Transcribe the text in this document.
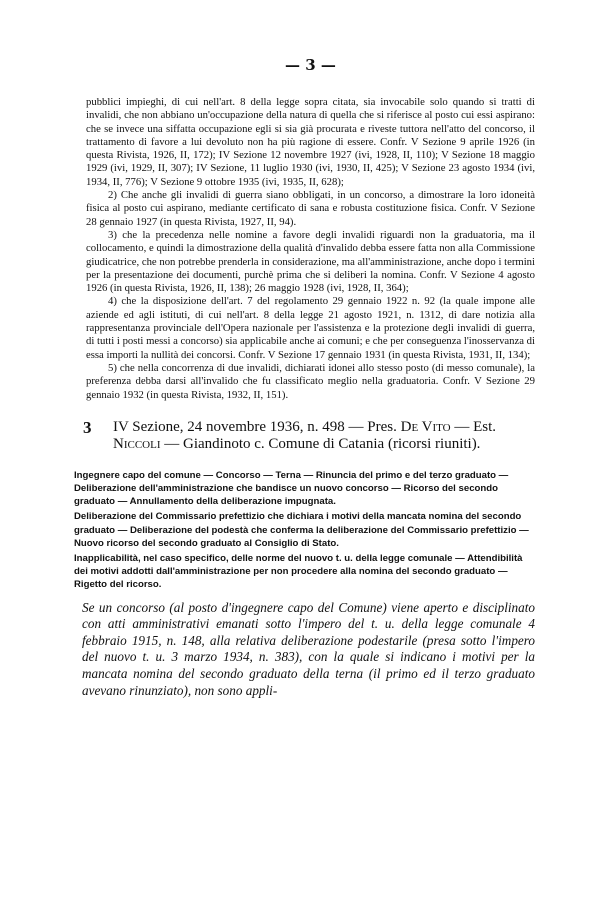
— 3 —

pubblici impieghi, di cui nell'art. 8 della legge sopra citata, sia invocabile solo quando si tratti di invalidi, che non abbiano un'occupazione della natura di quella che si riferisce al posto cui essi aspirano: che se invece una siffatta occupazione egli si sia già procurata e riveste tuttora nell'atto del concorso, il trattamento di favore a lui devoluto non ha più ragione di essere. Confr. V Sezione 9 aprile 1926 (in questa Rivista, 1926, II, 172); IV Sezione 12 novembre 1927 (ivi, 1928, II, 110); V Sezione 18 maggio 1929 (ivi, 1929, II, 307); IV Sezione, 11 luglio 1930 (ivi, 1930, II, 425); V Sezione 23 agosto 1934 (ivi, 1934, II, 776); V Sezione 9 ottobre 1935 (ivi, 1935, II, 628);

2) Che anche gli invalidi di guerra siano obbligati, in un concorso, a dimostrare la loro idoneità fisica al posto cui aspirano, mediante certificato di sana e robusta costituzione fisica. Confr. V Sezione 28 gennaio 1927 (in questa Rivista, 1927, II, 94).

3) che la precedenza nelle nomine a favore degli invalidi riguardi non la graduatoria, ma il collocamento, e quindi la dimostrazione della qualità d'invalido debba essere fatta non alla Commissione giudicatrice, che non potrebbe prenderla in considerazione, ma all'amministrazione, anche dopo i termini per la presentazione dei documenti, purchè prima che si deliberi la nomina. Confr. V Sezione 4 agosto 1926 (in questa Rivista, 1926, II, 138); 26 maggio 1928 (ivi, 1928, II, 364);

4) che la disposizione dell'art. 7 del regolamento 29 gennaio 1922 n. 92 (la quale impone alle aziende ed agli istituti, di cui nell'art. 8 della legge 21 agosto 1921, n. 1312, di dare notizia alla rappresentanza provinciale dell'Opera nazionale per l'assistenza e la protezione degli invalidi di guerra, di tutti i posti messi a concorso) sia applicabile anche ai comuni; e che per conseguenza l'inosservanza di essa importi la nullità dei concorsi. Confr. V Sezione 17 gennaio 1931 (in questa Rivista, 1931, II, 134);

5) che nella concorrenza di due invalidi, dichiarati idonei allo stesso posto (di messo comunale), la preferenza debba darsi all'invalido che fu classificato meglio nella graduatoria. Confr. V Sezione 29 gennaio 1932 (in questa Rivista, 1932, II, 151).

3	IV Sezione, 24 novembre 1936, n. 498 — Pres. De Vito — Est. Niccoli — Giandinoto c. Comune di Catania (ricorsi riuniti).

Ingegnere capo del comune — Concorso — Terna — Rinuncia del primo e del terzo graduato — Deliberazione dell'amministrazione che bandisce un nuovo concorso — Ricorso del secondo graduato — Annullamento della deliberazione impugnata.

Deliberazione del Commissario prefettizio che dichiara i motivi della mancata nomina del secondo graduato — Deliberazione del podestà che conferma la deliberazione del Commissario prefettizio — Nuovo ricorso del secondo graduato al Consiglio di Stato.

Inapplicabilità, nel caso specifico, delle norme del nuovo t. u. della legge comunale — Attendibilità dei motivi addotti dall'amministrazione per non procedere alla nomina del secondo graduato — Rigetto del ricorso.

Se un concorso (al posto d'ingegnere capo del Comune) viene aperto e disciplinato con atti amministrativi emanati sotto l'impero del t. u. della legge comunale 4 febbraio 1915, n. 148, alla relativa deliberazione podestarile (presa sotto l'impero del nuovo t. u. 3 marzo 1934, n. 383), con la quale si indicano i motivi per la mancata nomina del secondo graduato della terna (il primo ed il terzo graduato avevano rinunziato), non sono appli-
